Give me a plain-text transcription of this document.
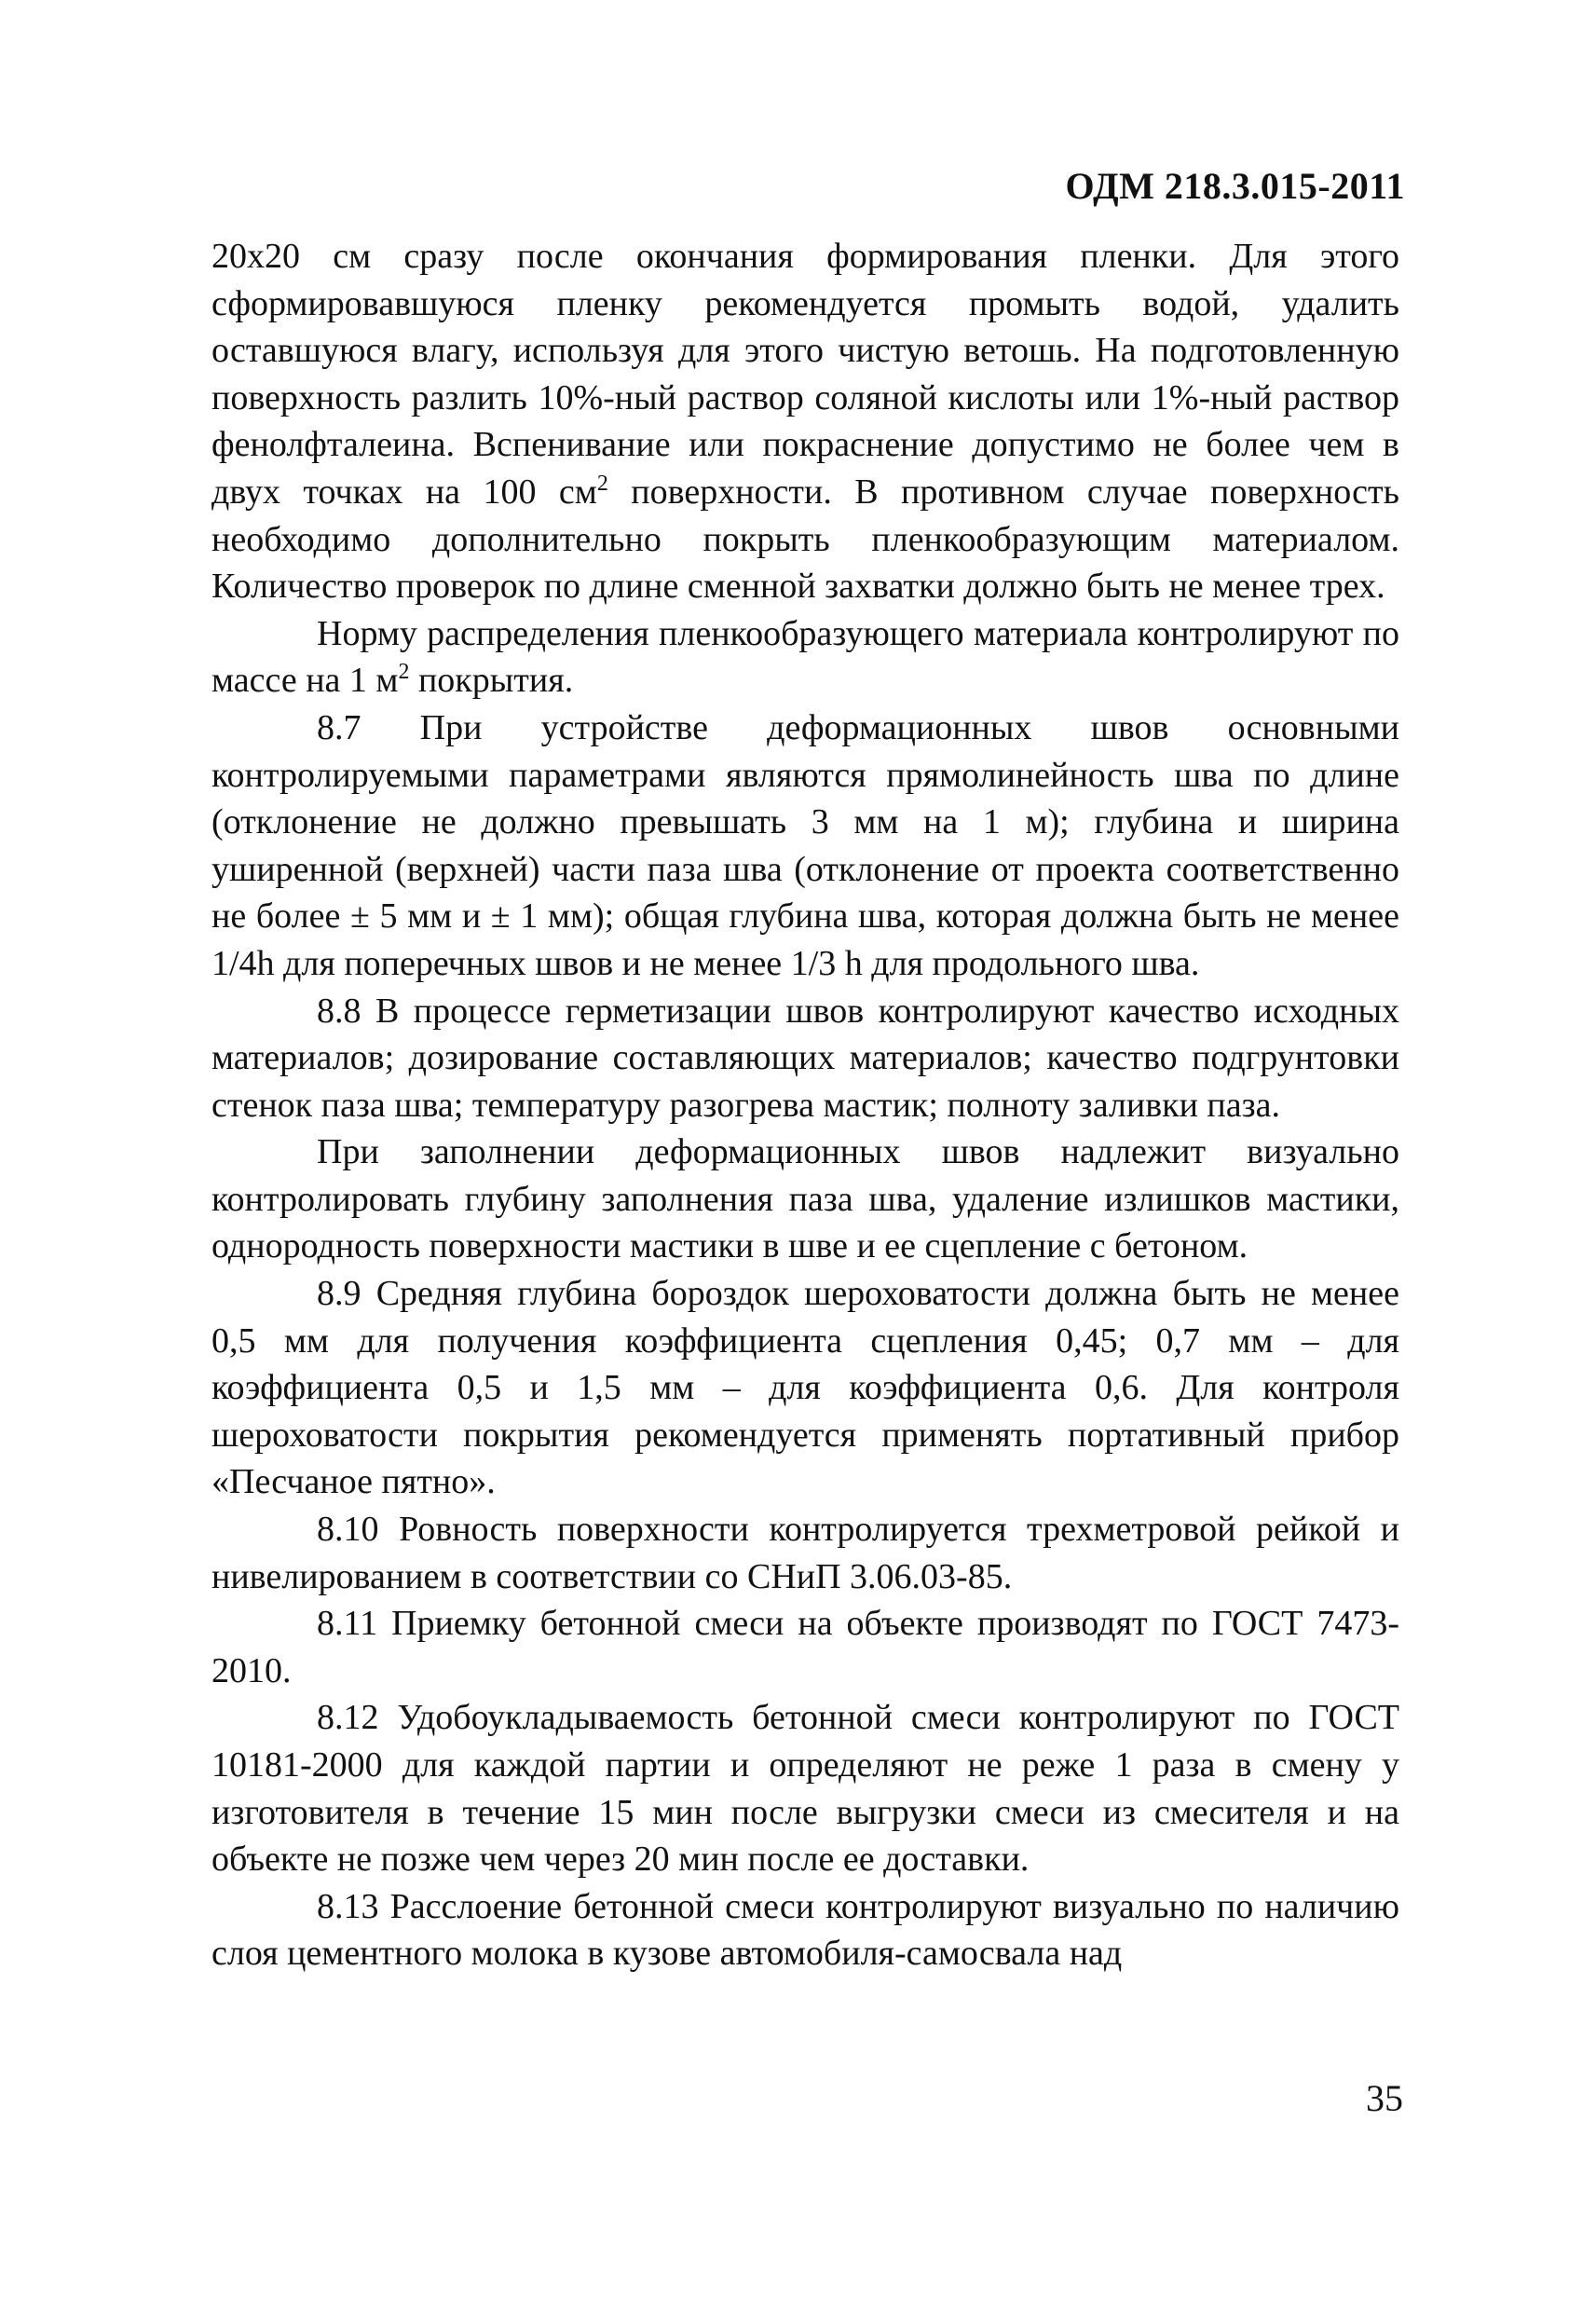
ОДМ 218.3.015-2011

20x20 см сразу после окончания формирования пленки. Для этого сформировавшуюся пленку рекомендуется промыть водой, удалить оставшуюся влагу, используя для этого чистую ветошь. На подготовленную поверхность разлить 10%-ный раствор соляной кислоты или 1%-ный раствор фенолфталеина. Вспенивание или покраснение допустимо не более чем в двух точках на 100 $см^2$ поверхности. В противном случае поверхность необходимо дополнительно покрыть пленкообразующим материалом. Количество проверок по длине сменной захватки должно быть не менее трех.

Норму распределения пленкообразующего материала контролируют по массе на 1 $м^2$ покрытия.

8.7 При устройстве деформационных швов основными контролируемыми параметрами являются прямолинейность шва по длине (отклонение не должно превышать 3 мм на 1 м); глубина и ширина уширенной (верхней) части паза шва (отклонение от проекта соответственно не более ± 5 мм и ± 1 мм); общая глубина шва, которая должна быть не менее 1/4h для поперечных швов и не менее 1/3 h для продольного шва.

8.8 В процессе герметизации швов контролируют качество исходных материалов; дозирование составляющих материалов; качество подгрунтовки стенок паза шва; температуру разогрева мастик; полноту заливки паза.

При заполнении деформационных швов надлежит визуально контролировать глубину заполнения паза шва, удаление излишков мастики, однородность поверхности мастики в шве и ее сцепление с бетоном.

8.9 Средняя глубина бороздок шероховатости должна быть не менее 0,5 мм для получения коэффициента сцепления 0,45; 0,7 мм – для коэффициента 0,5 и 1,5 мм – для коэффициента 0,6. Для контроля шероховатости покрытия рекомендуется применять портативный прибор «Песчаное пятно».

8.10 Ровность поверхности контролируется трехметровой рейкой и нивелированием в соответствии со СНиП 3.06.03-85.

8.11 Приемку бетонной смеси на объекте производят по ГОСТ 7473-2010.

8.12 Удобоукладываемость бетонной смеси контролируют по ГОСТ 10181-2000 для каждой партии и определяют не реже 1 раза в смену у изготовителя в течение 15 мин после выгрузки смеси из смесителя и на объекте не позже чем через 20 мин после ее доставки.

8.13 Расслоение бетонной смеси контролируют визуально по наличию слоя цементного молока в кузове автомобиля-самосвала над

35
